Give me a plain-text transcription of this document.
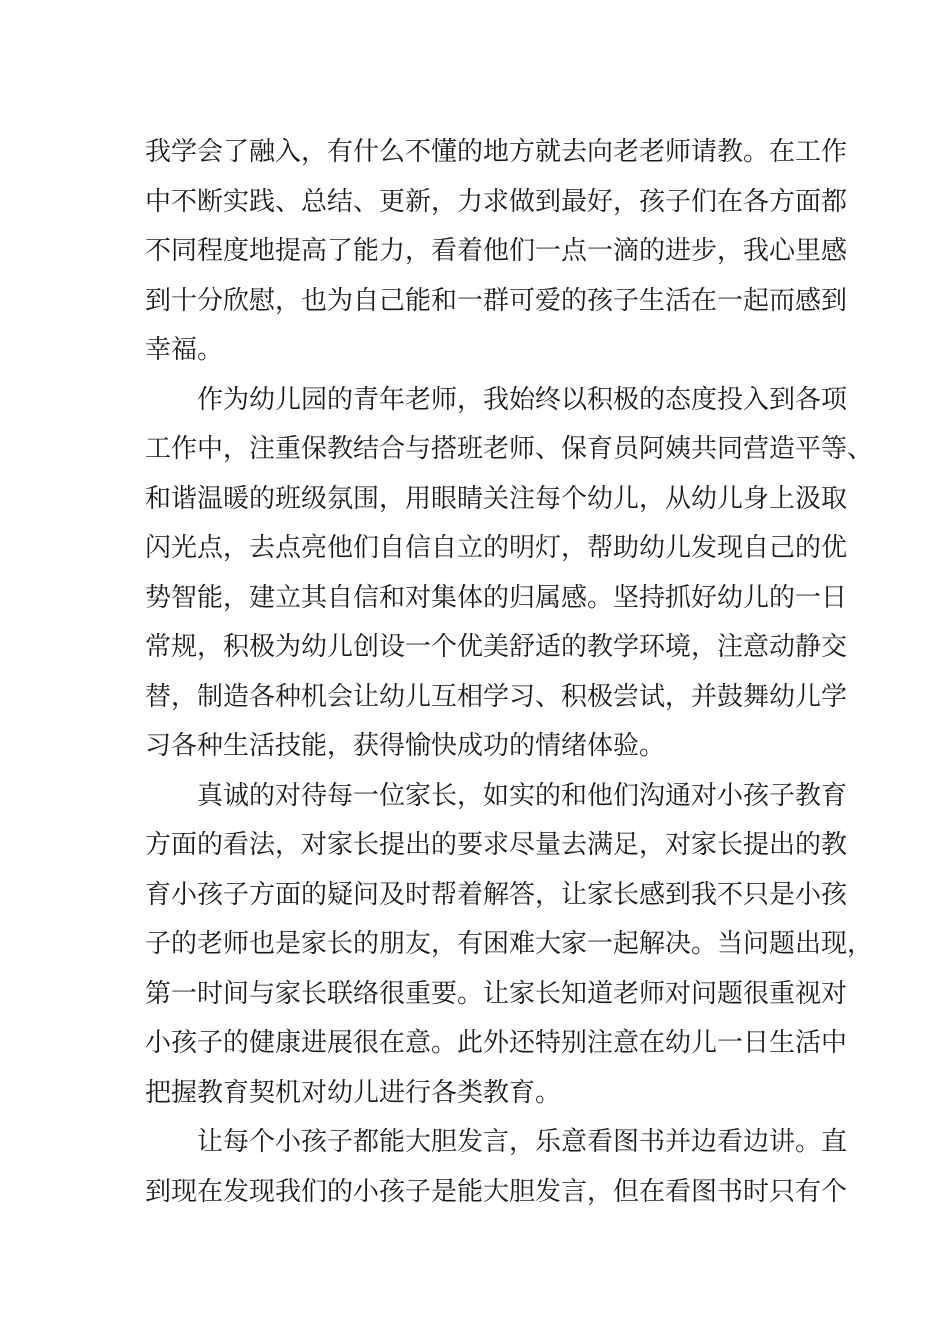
我学会了融入，有什么不懂的地方就去向老老师请教。在工作
中不断实践、总结、更新，力求做到最好，孩子们在各方面都
不同程度地提高了能力，看着他们一点一滴的进步，我心里感
到十分欣慰，也为自己能和一群可爱的孩子生活在一起而感到
幸福。
作为幼儿园的青年老师，我始终以积极的态度投入到各项
工作中，注重保教结合与搭班老师、保育员阿姨共同营造平等、
和谐温暖的班级氛围，用眼睛关注每个幼儿，从幼儿身上汲取
闪光点，去点亮他们自信自立的明灯，帮助幼儿发现自己的优
势智能，建立其自信和对集体的归属感。坚持抓好幼儿的一日
常规，积极为幼儿创设一个优美舒适的教学环境，注意动静交
替，制造各种机会让幼儿互相学习、积极尝试，并鼓舞幼儿学
习各种生活技能，获得愉快成功的情绪体验。
真诚的对待每一位家长，如实的和他们沟通对小孩子教育
方面的看法，对家长提出的要求尽量去满足，对家长提出的教
育小孩子方面的疑问及时帮着解答，让家长感到我不只是小孩
子的老师也是家长的朋友，有困难大家一起解决。当问题出现，
第一时间与家长联络很重要。让家长知道老师对问题很重视对
小孩子的健康进展很在意。此外还特别注意在幼儿一日生活中
把握教育契机对幼儿进行各类教育。
让每个小孩子都能大胆发言，乐意看图书并边看边讲。直
到现在发现我们的小孩子是能大胆发言，但在看图书时只有个
